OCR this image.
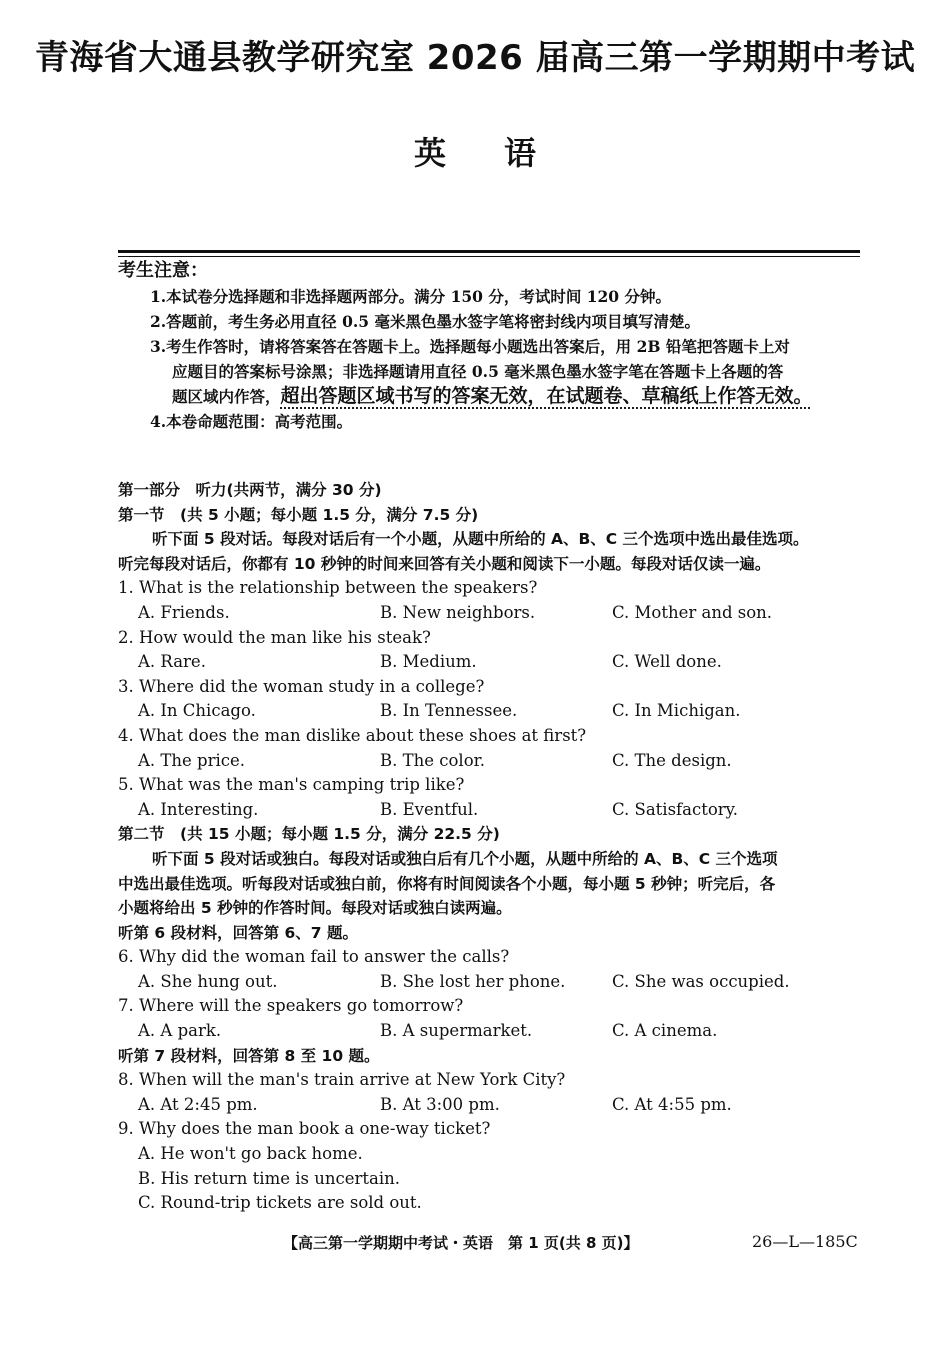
青海省大通县教学研究室 2026 届高三第一学期期中考试
英语
考生注意：
1.本试卷分选择题和非选择题两部分。满分 150 分，考试时间 120 分钟。
2.答题前，考生务必用直径 0.5 毫米黑色墨水签字笔将密封线内项目填写清楚。
3.考生作答时，请将答案答在答题卡上。选择题每小题选出答案后，用 2B 铅笔把答题卡上对
应题目的答案标号涂黑；非选择题请用直径 0.5 毫米黑色墨水签字笔在答题卡上各题的答
题区域内作答，超出答题区域书写的答案无效，在试题卷、草稿纸上作答无效。
4.本卷命题范围：高考范围。
第一部分　听力(共两节，满分 30 分)
第一节　(共 5 小题；每小题 1.5 分，满分 7.5 分)
听下面 5 段对话。每段对话后有一个小题，从题中所给的 A、B、C 三个选项中选出最佳选项。
听完每段对话后，你都有 10 秒钟的时间来回答有关小题和阅读下一小题。每段对话仅读一遍。
1. What is the relationship between the speakers?
A. Friends.	B. New neighbors.	C. Mother and son.
2. How would the man like his steak?
A. Rare.	B. Medium.	C. Well done.
3. Where did the woman study in a college?
A. In Chicago.	B. In Tennessee.	C. In Michigan.
4. What does the man dislike about these shoes at first?
A. The price.	B. The color.	C. The design.
5. What was the man's camping trip like?
A. Interesting.	B. Eventful.	C. Satisfactory.
第二节　(共 15 小题；每小题 1.5 分，满分 22.5 分)
听下面 5 段对话或独白。每段对话或独白后有几个小题，从题中所给的 A、B、C 三个选项
中选出最佳选项。听每段对话或独白前，你将有时间阅读各个小题，每小题 5 秒钟；听完后，各
小题将给出 5 秒钟的作答时间。每段对话或独白读两遍。
听第 6 段材料，回答第 6、7 题。
6. Why did the woman fail to answer the calls?
A. She hung out.	B. She lost her phone.	C. She was occupied.
7. Where will the speakers go tomorrow?
A. A park.	B. A supermarket.	C. A cinema.
听第 7 段材料，回答第 8 至 10 题。
8. When will the man's train arrive at New York City?
A. At 2:45 pm.	B. At 3:00 pm.	C. At 4:55 pm.
9. Why does the man book a one-way ticket?
A. He won't go back home.
B. His return time is uncertain.
C. Round-trip tickets are sold out.
【高三第一学期期中考试・英语　第 1 页(共 8 页)】	26—L—185C
